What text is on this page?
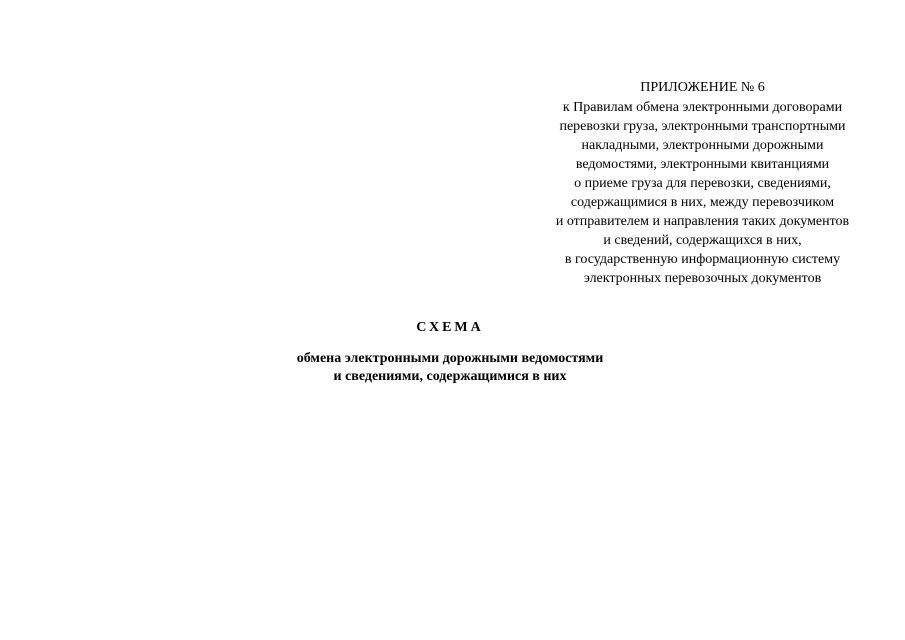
ПРИЛОЖЕНИЕ № 6
к Правилам обмена электронными договорами
перевозки груза, электронными транспортными
накладными, электронными дорожными
ведомостями, электронными квитанциями
о приеме груза для перевозки, сведениями,
содержащимися в них, между перевозчиком
и отправителем и направления таких документов
и сведений, содержащихся в них,
в государственную информационную систему
электронных перевозочных документов
СХЕМА
обмена электронными дорожными ведомостями
и сведениями, содержащимися в них
